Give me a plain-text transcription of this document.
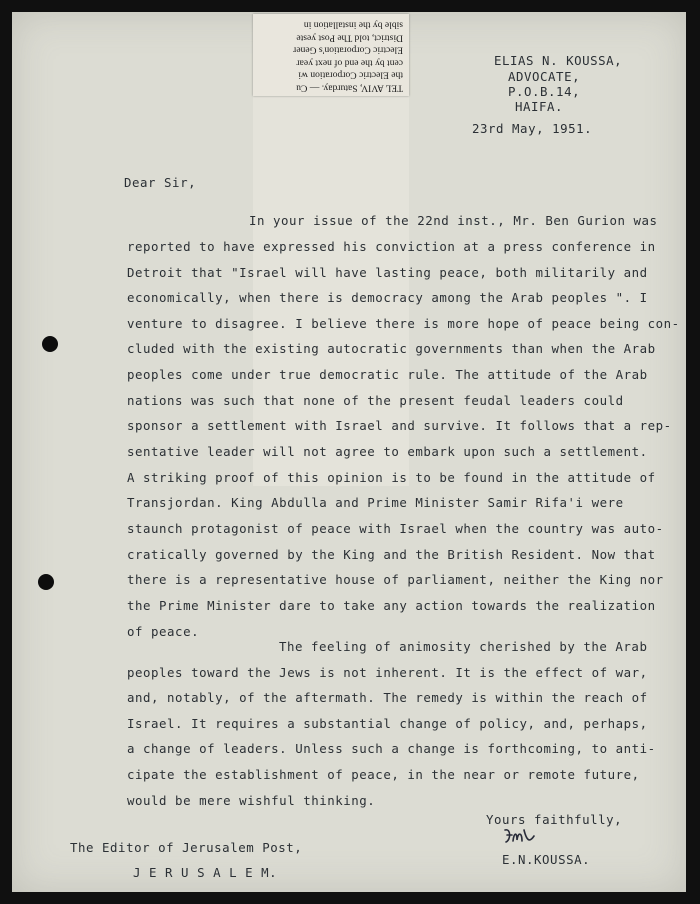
TEL AVIV, Saturday. — Cu
the Electric Corporation wi
cent by the end of next year
Electric Corporation's Gener
District, told The Post yeste
sible by the installation in
ELIAS N. KOUSSA,
ADVOCATE,
P.O.B.14,
HAIFA.
23rd May, 1951.
Dear Sir,
In your issue of the 22nd inst., Mr. Ben Gurion was
reported to have expressed his conviction at a press conference in
Detroit that "Israel will have lasting peace, both militarily and
economically, when there is democracy among the Arab peoples ". I
venture to disagree. I believe there is more hope of peace being con-
cluded with the existing autocratic governments than when the Arab
peoples come under true democratic rule. The attitude of the Arab
nations was such that none of the present feudal leaders could
sponsor a settlement with Israel and survive. It follows that a rep-
sentative leader will not agree to embark upon such a settlement.
A striking proof of this opinion is to be found in the attitude of
Transjordan. King Abdulla and Prime Minister Samir Rifa'i were
staunch protagonist of peace with Israel when the country was auto-
cratically governed by the King and the British Resident. Now that
there is a representative house of parliament, neither the King nor
the Prime Minister dare to take any action towards the realization
of peace.
The feeling of animosity cherished by the Arab
peoples toward the Jews is not inherent. It is the effect of war,
and, notably, of the aftermath. The remedy is within the reach of
Israel. It requires a substantial change of policy, and, perhaps,
a change of leaders. Unless such a change is forthcoming, to anti-
cipate the establishment of peace, in the near or remote future,
would be mere wishful thinking.
Yours faithfully,
E.N.KOUSSA.
The Editor of Jerusalem Post,
J E R U S A L E M.
